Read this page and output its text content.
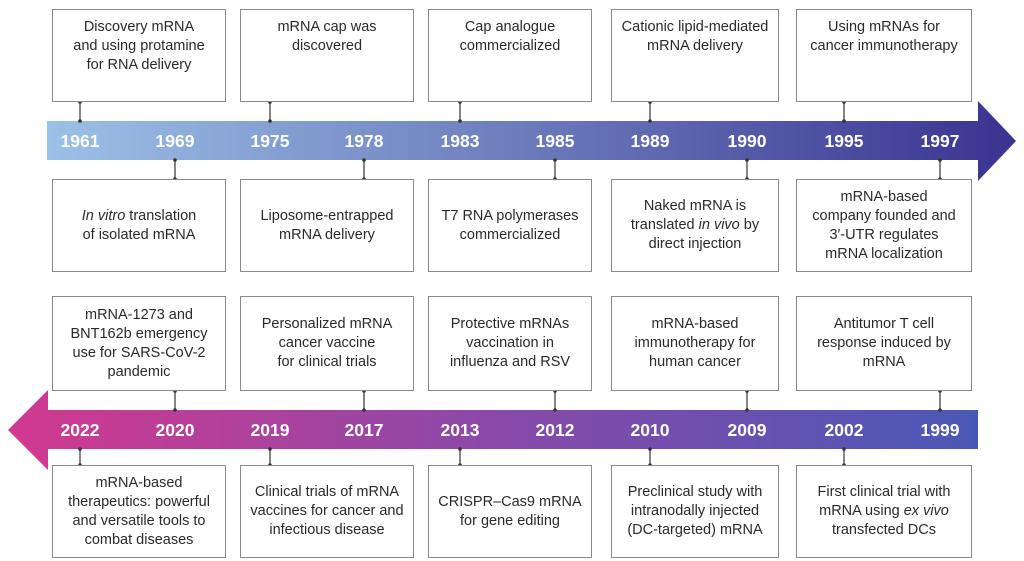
1961	1969	1975	1978	1983	1985	1989	1990	1995	1997
2022	2020	2019	2017	2013	2012	2010	2009	2002	1999
Discovery mRNA
and using protamine
for RNA delivery
In vitro translation
of isolated mRNA
mRNA cap was
discovered
Liposome-entrapped
mRNA delivery
Cap analogue
commercialized
T7 RNA polymerases
commercialized
Cationic lipid-mediated
mRNA delivery
Naked mRNA is
translated in vivo by
direct injection
Using mRNAs for
cancer immunotherapy
mRNA-based
company founded and
3′-UTR regulates
mRNA localization
mRNA-1273 and
BNT162b emergency
use for SARS-CoV-2
pandemic
mRNA-based
therapeutics: powerful
and versatile tools to
combat diseases
Personalized mRNA
cancer vaccine
for clinical trials
Clinical trials of mRNA
vaccines for cancer and
infectious disease
Protective mRNAs
vaccination in
influenza and RSV
CRISPR–Cas9 mRNA
for gene editing
mRNA-based
immunotherapy for
human cancer
Preclinical study with
intranodally injected
(DC-targeted) mRNA
Antitumor T cell
response induced by
mRNA
First clinical trial with
mRNA using ex vivo
transfected DCs
